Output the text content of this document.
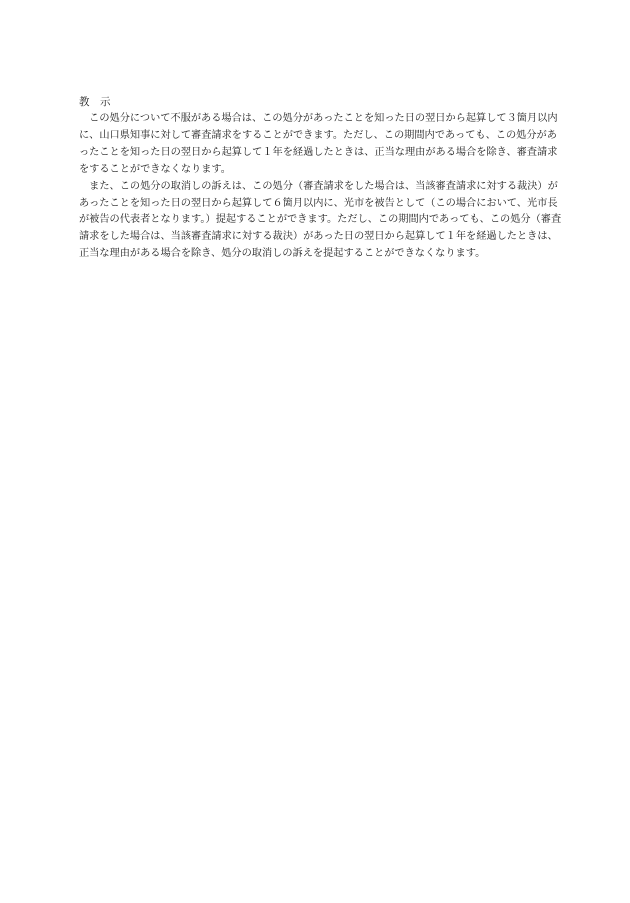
教　示
　この処分について不服がある場合は、この処分があったことを知った日の翌日から起算して３箇月以内
に、山口県知事に対して審査請求をすることができます。ただし、この期間内であっても、この処分があ
ったことを知った日の翌日から起算して１年を経過したときは、正当な理由がある場合を除き、審査請求
をすることができなくなります。
　また、この処分の取消しの訴えは、この処分（審査請求をした場合は、当該審査請求に対する裁決）が
あったことを知った日の翌日から起算して６箇月以内に、光市を被告として（この場合において、光市長
が被告の代表者となります。）提起することができます。ただし、この期間内であっても、この処分（審査
請求をした場合は、当該審査請求に対する裁決）があった日の翌日から起算して１年を経過したときは、
正当な理由がある場合を除き、処分の取消しの訴えを提起することができなくなります。
